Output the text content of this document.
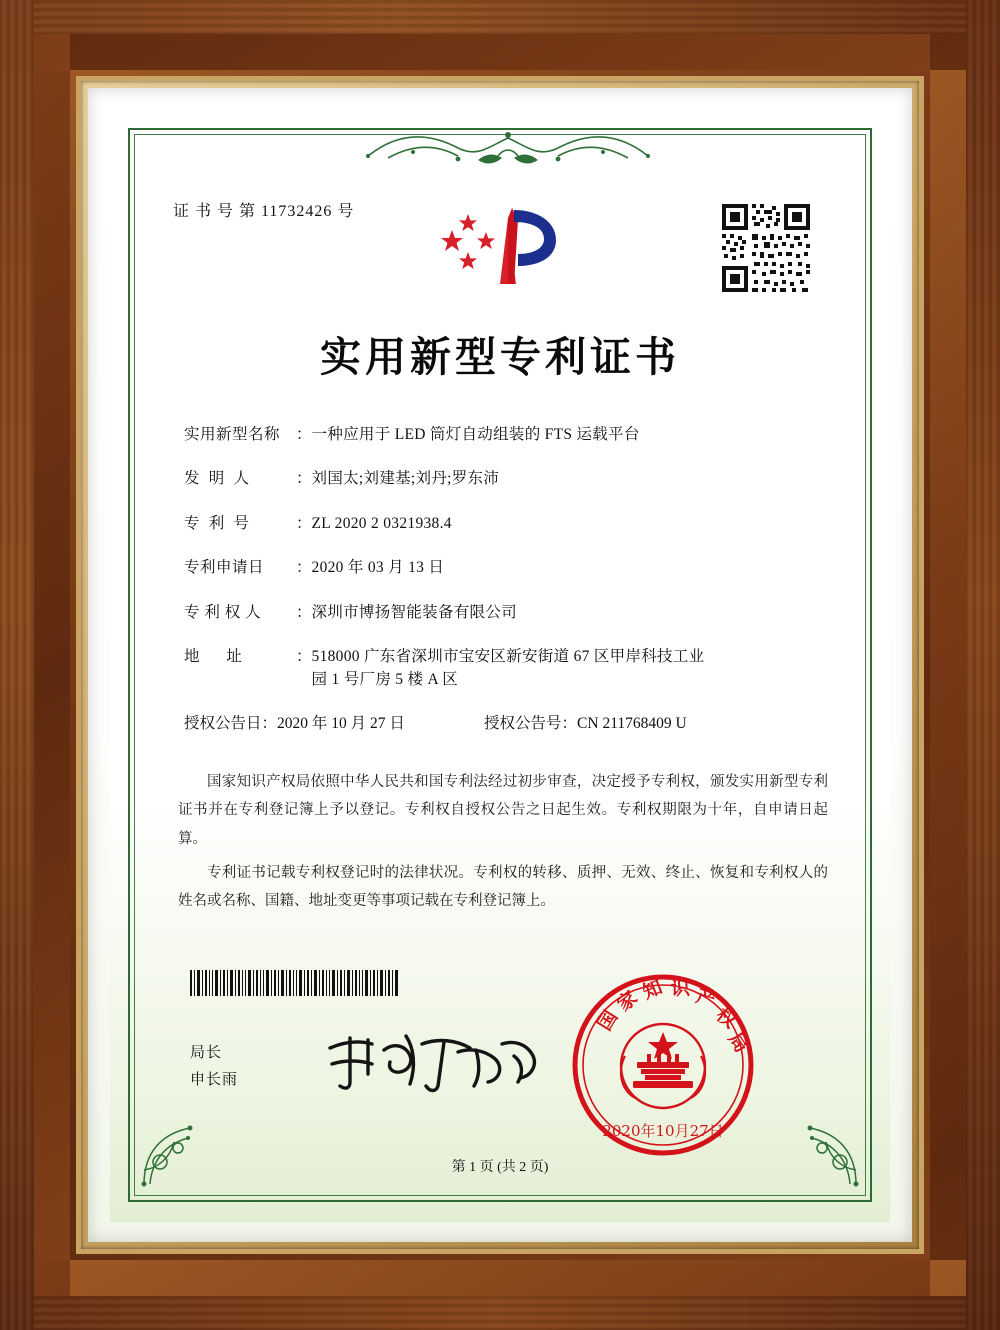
证 书 号 第 11732426 号
实用新型专利证书
实用新型名称	： 一种应用于 LED 筒灯自动组装的 FTS 运载平台
发  明  人	： 刘国太;刘建基;刘丹;罗东沛
专  利  号	： ZL 2020 2 0321938.4
专利申请日	： 2020 年 03 月 13 日
专 利 权 人	： 深圳市博扬智能装备有限公司
地      址	： 518000 广东省深圳市宝安区新安街道 67 区甲岸科技工业
园 1 号厂房 5 楼 A 区
授权公告日：2020 年 10 月 27 日	授权公告号：CN 211768409 U

国家知识产权局依照中华人民共和国专利法经过初步审查，决定授予专利权，颁发实用新型专利证书并在专利登记簿上予以登记。专利权自授权公告之日起生效。专利权期限为十年，自申请日起算。

专利证书记载专利权登记时的法律状况。专利权的转移、质押、无效、终止、恢复和专利权人的姓名或名称、国籍、地址变更等事项记载在专利登记簿上。

局长
申长雨
国
家
知 识 产
权
局
2020年10月27日
第 1 页 (共 2 页)
